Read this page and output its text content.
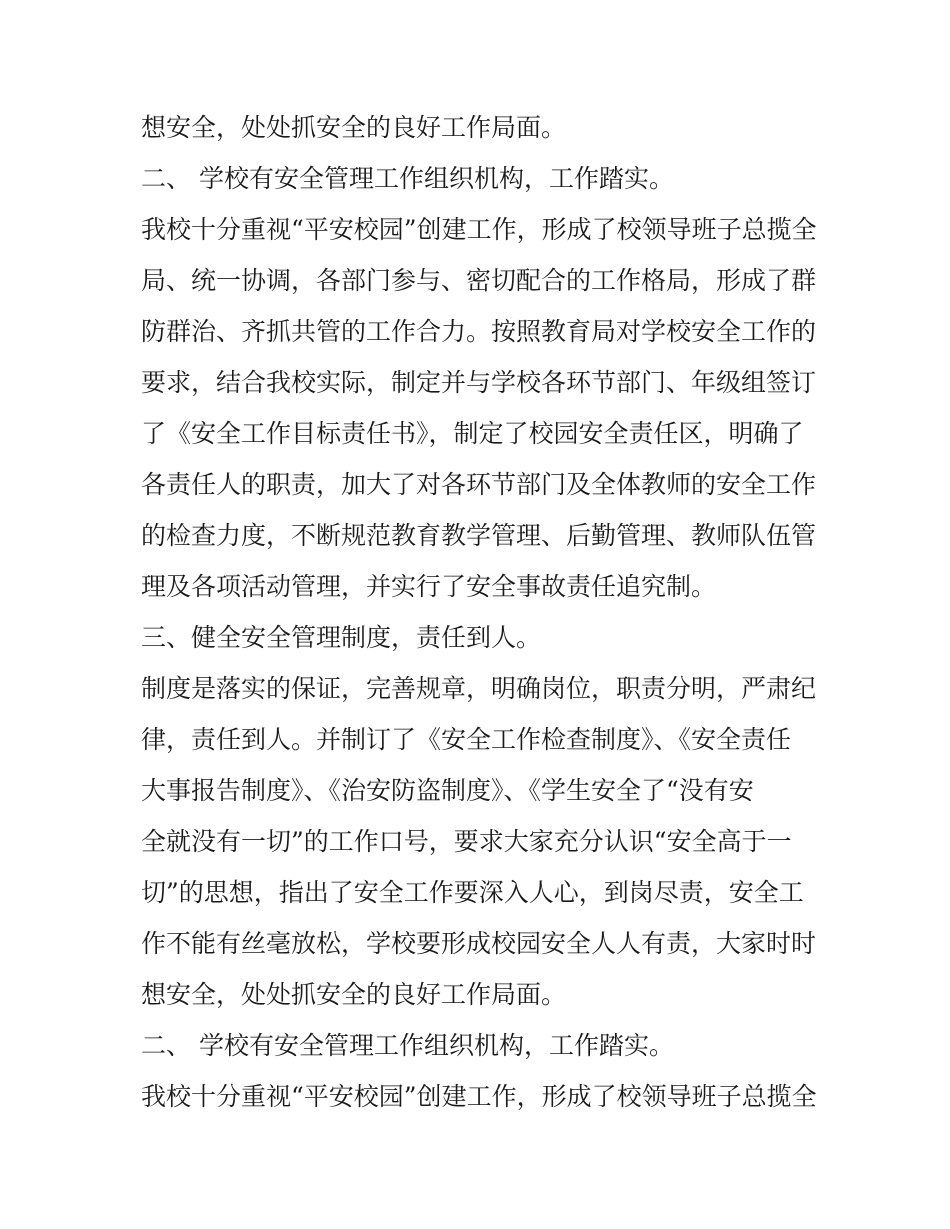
想安全，处处抓安全的良好工作局面。
二、 学校有安全管理工作组织机构，工作踏实。
我校十分重视“平安校园”创建工作，形成了校领导班子总揽全
局、统一协调，各部门参与、密切配合的工作格局，形成了群
防群治、齐抓共管的工作合力。按照教育局对学校安全工作的
要求，结合我校实际，制定并与学校各环节部门、年级组签订
了《安全工作目标责任书》，制定了校园安全责任区，明确了
各责任人的职责，加大了对各环节部门及全体教师的安全工作
的检查力度，不断规范教育教学管理、后勤管理、教师队伍管
理及各项活动管理，并实行了安全事故责任追究制。
三、健全安全管理制度，责任到人。
制度是落实的保证，完善规章，明确岗位，职责分明，严肃纪
律，责任到人。并制订了《安全工作检查制度》、《安全责任
大事报告制度》、《治安防盗制度》、《学生安全了“没有安
全就没有一切”的工作口号，要求大家充分认识“安全高于一
切”的思想，指出了安全工作要深入人心，到岗尽责，安全工
作不能有丝毫放松，学校要形成校园安全人人有责，大家时时
想安全，处处抓安全的良好工作局面。
二、 学校有安全管理工作组织机构，工作踏实。
我校十分重视“平安校园”创建工作，形成了校领导班子总揽全
